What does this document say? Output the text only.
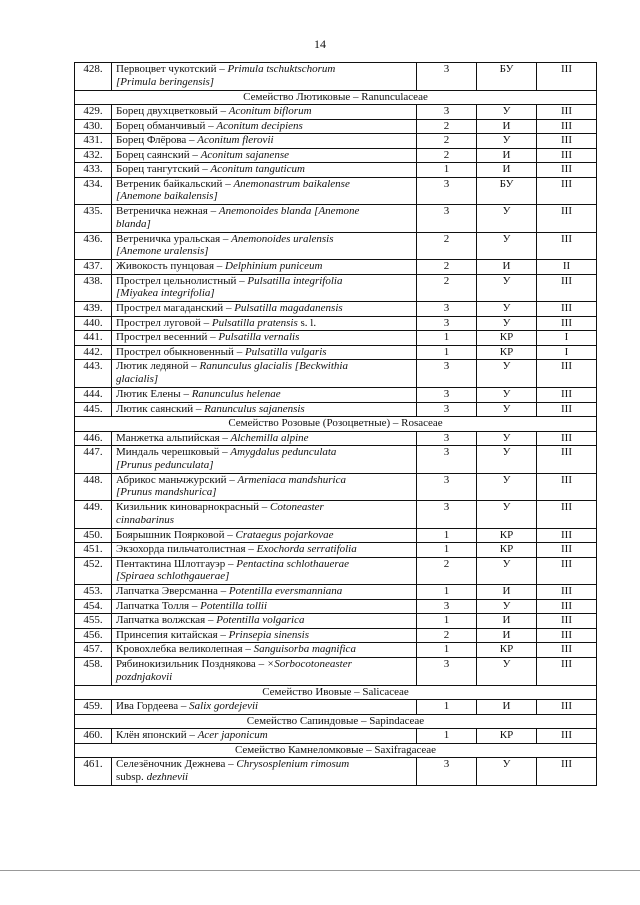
14
428.	Первоцвет чукотский – Primula tschuktschorum
[Primula beringensis]	3	БУ	III
Семейство Лютиковые – Ranunculaceae				
429.	Борец двухцветковый – Aconitum biflorum	3	У	III
430.	Борец обманчивый – Aconitum decipiens	2	И	III
431.	Борец Флёрова – Aconitum flerovii	2	У	III
432.	Борец саянский – Aconitum sajanense	2	И	III
433.	Борец тангутский – Aconitum tanguticum	1	И	III
434.	Ветреник байкальский – Anemonastrum baikalense
[Anemone baikalensis]	3	БУ	III
435.	Ветреничка нежная – Anemonoides blanda [Anemone
blanda]	3	У	III
436.	Ветреничка уральская – Anemonoides uralensis
[Anemone uralensis]	2	У	III
437.	Живокость пунцовая – Delphinium puniceum	2	И	II
438.	Прострел цельнолистный – Pulsatilla integrifolia
[Miyakea integrifolia]	2	У	III
439.	Прострел магаданский – Pulsatilla magadanensis	3	У	III
440.	Прострел луговой – Pulsatilla pratensis s. l.	3	У	III
441.	Прострел весенний – Pulsatilla vernalis	1	КР	I
442.	Прострел обыкновенный – Pulsatilla vulgaris	1	КР	I
443.	Лютик ледяной – Ranunculus glacialis [Beckwithia
glacialis]	3	У	III
444.	Лютик Елены – Ranunculus helenae	3	У	III
445.	Лютик саянский – Ranunculus sajanensis	3	У	III
Семейство Розовые (Розоцветные) – Rosaceae				
446.	Манжетка альпийская – Alchemilla alpine	3	У	III
447.	Миндаль черешковый – Amygdalus pedunculata
[Prunus pedunculata]	3	У	III
448.	Абрикос маньчжурский – Armeniaca mandshurica
[Prunus mandshurica]	3	У	III
449.	Кизильник киноварнокрасный – Cotoneaster
cinnabarinus	3	У	III
450.	Боярышник Поярковой – Crataegus pojarkovae	1	КР	III
451.	Экзохорда пильчатолистная – Exochorda serratifolia	1	КР	III
452.	Пентактина Шлотгауэр – Pentactina schlothauerae
[Spiraea schlothgauerae]	2	У	III
453.	Лапчатка Эверсманна – Potentilla eversmanniana	1	И	III
454.	Лапчатка Толля – Potentilla tollii	3	У	III
455.	Лапчатка волжская – Potentilla volgarica	1	И	III
456.	Принсепия китайская – Prinsepia sinensis	2	И	III
457.	Кровохлебка великолепная – Sanguisorba magnifica	1	КР	III
458.	Рябинокизильник Позднякова – ×Sorbocotoneaster
pozdnjakovii	3	У	III
Семейство Ивовые – Salicaceae				
459.	Ива Гордеева – Salix gordejevii	1	И	III
Семейство Сапиндовые – Sapindaceae				
460.	Клён японский – Acer japonicum	1	КР	III
Семейство Камнеломковые – Saxifragaceae				
461.	Селезёночник Дежнева – Chrysosplenium rimosum
subsp. dezhnevii	3	У	III
